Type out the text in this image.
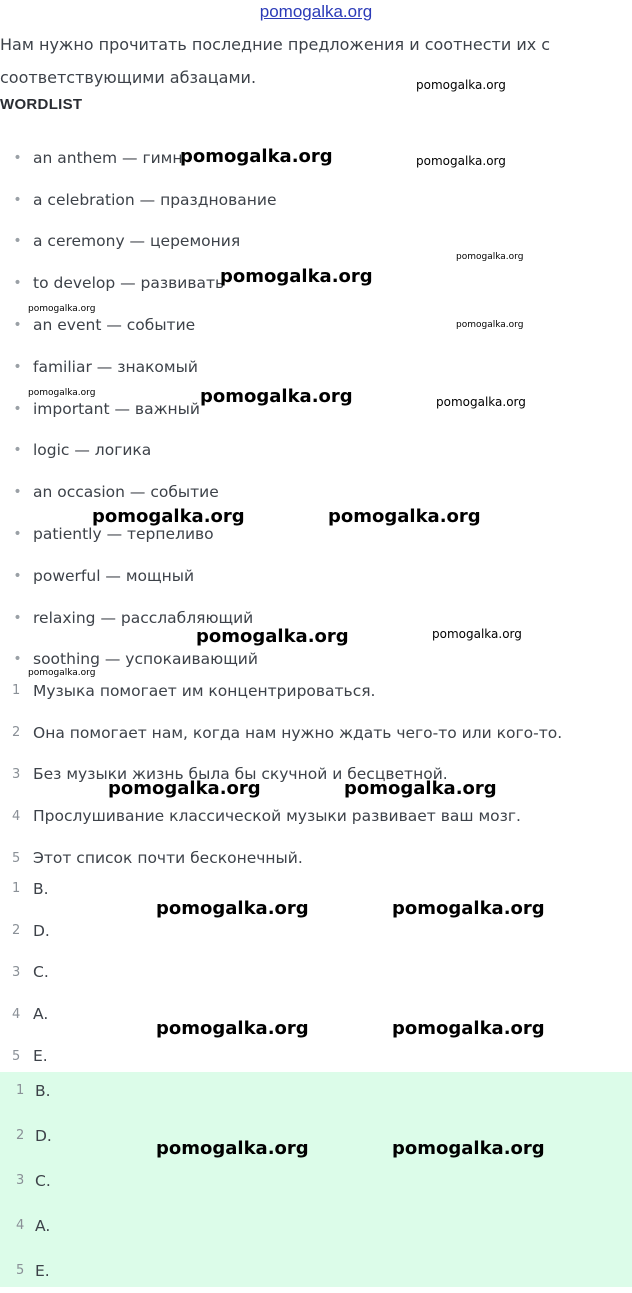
pomogalka.org

Нам нужно прочитать последние предложения и соотнести их с соответствующими абзацами.

WORDLIST
•
an anthem — гимн
•
a celebration — празднование
•
a ceremony — церемония
•
to develop — развивать
•
an event — событие
•
familiar — знакомый
•
important — важный
•
logic — логика
•
an occasion — событие
•
patiently — терпеливо
•
powerful — мощный
•
relaxing — расслабляющий
•
soothing — успокаивающий
1 Музыка помогает им концентрироваться.
2 Она помогает нам, когда нам нужно ждать чего-то или кого-то.
3 Без музыки жизнь была бы скучной и бесцветной.
4 Прослушивание классической музыки развивает ваш мозг.
5 Этот список почти бесконечный.
1 B.
2 D.
3 C.
4 A.
5 E.
1 B.
2 D.
3 C.
4 A.
5 E.
pomogalka.org
pomogalka.org	pomogalka.org
pomogalka.org
pomogalka.org
pomogalka.org
pomogalka.org
pomogalka.org	pomogalka.org	pomogalka.org
pomogalka.org	pomogalka.org
pomogalka.org	pomogalka.org
pomogalka.org
pomogalka.org	pomogalka.org
pomogalka.org	pomogalka.org
pomogalka.org	pomogalka.org
pomogalka.org	pomogalka.org
